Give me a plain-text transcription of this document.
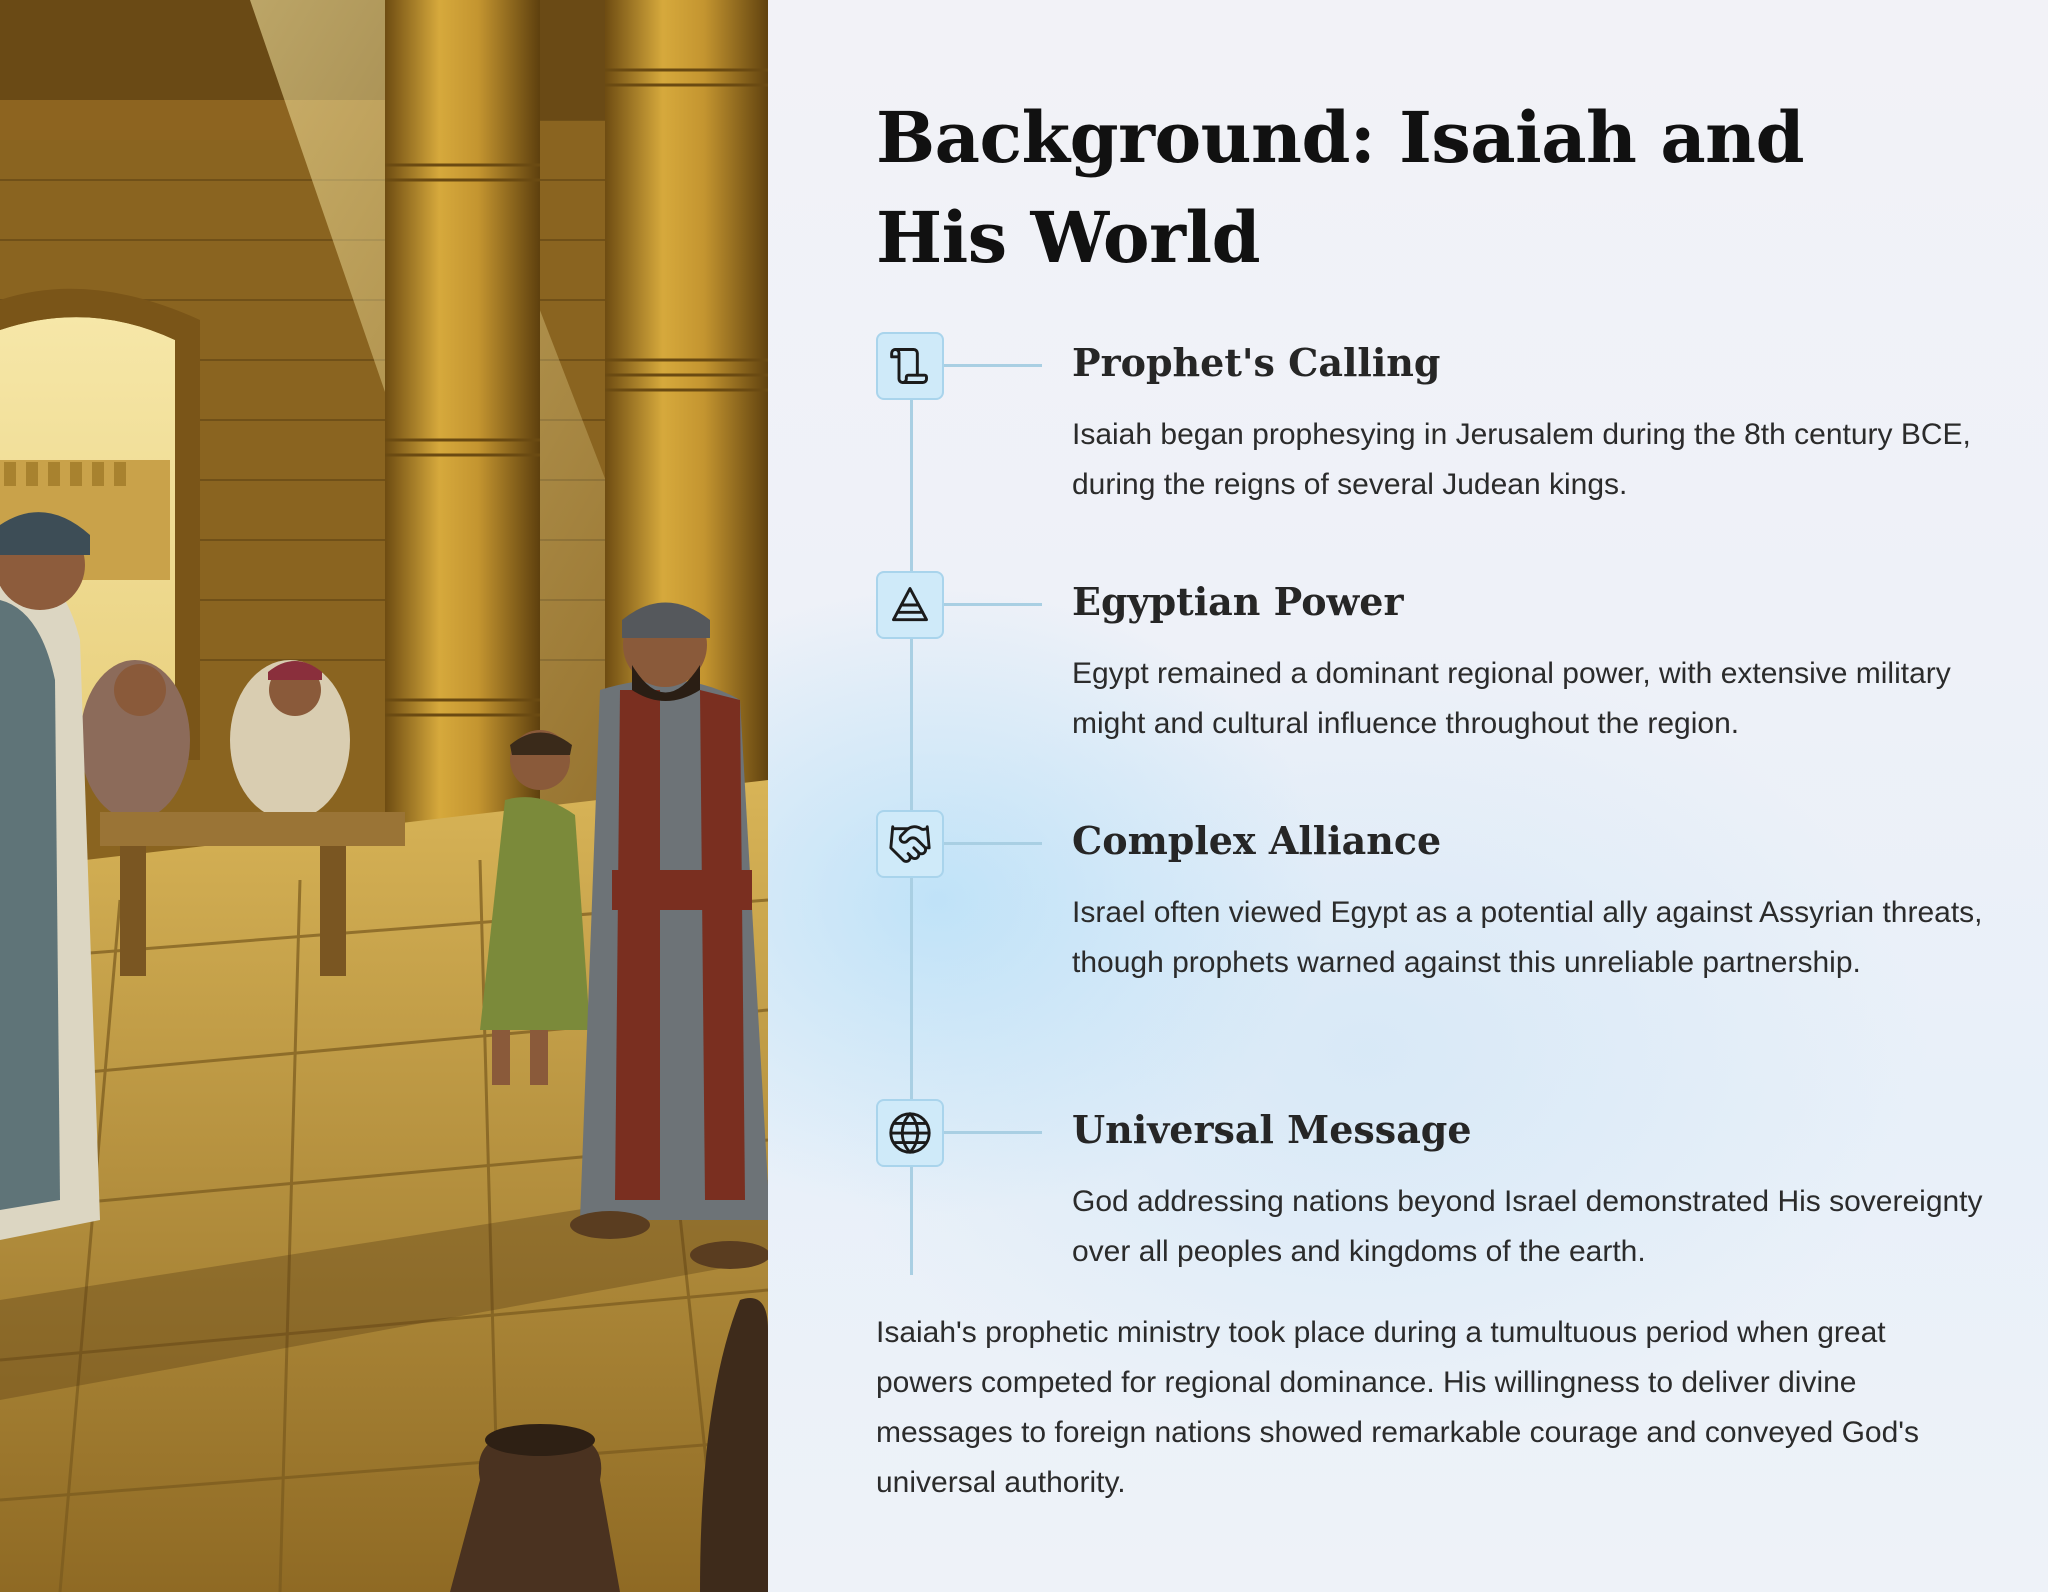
Background: Isaiah and His World
Prophet's Calling

Isaiah began prophesying in Jerusalem during the 8th century BCE, during the reigns of several Judean kings.

Egyptian Power

Egypt remained a dominant regional power, with extensive military might and cultural influence throughout the region.

Complex Alliance

Israel often viewed Egypt as a potential ally against Assyrian threats, though prophets warned against this unreliable partnership.

Universal Message

God addressing nations beyond Israel demonstrated His sovereignty over all peoples and kingdoms of the earth.

Isaiah's prophetic ministry took place during a tumultuous period when great powers competed for regional dominance. His willingness to deliver divine messages to foreign nations showed remarkable courage and conveyed God's universal authority.
